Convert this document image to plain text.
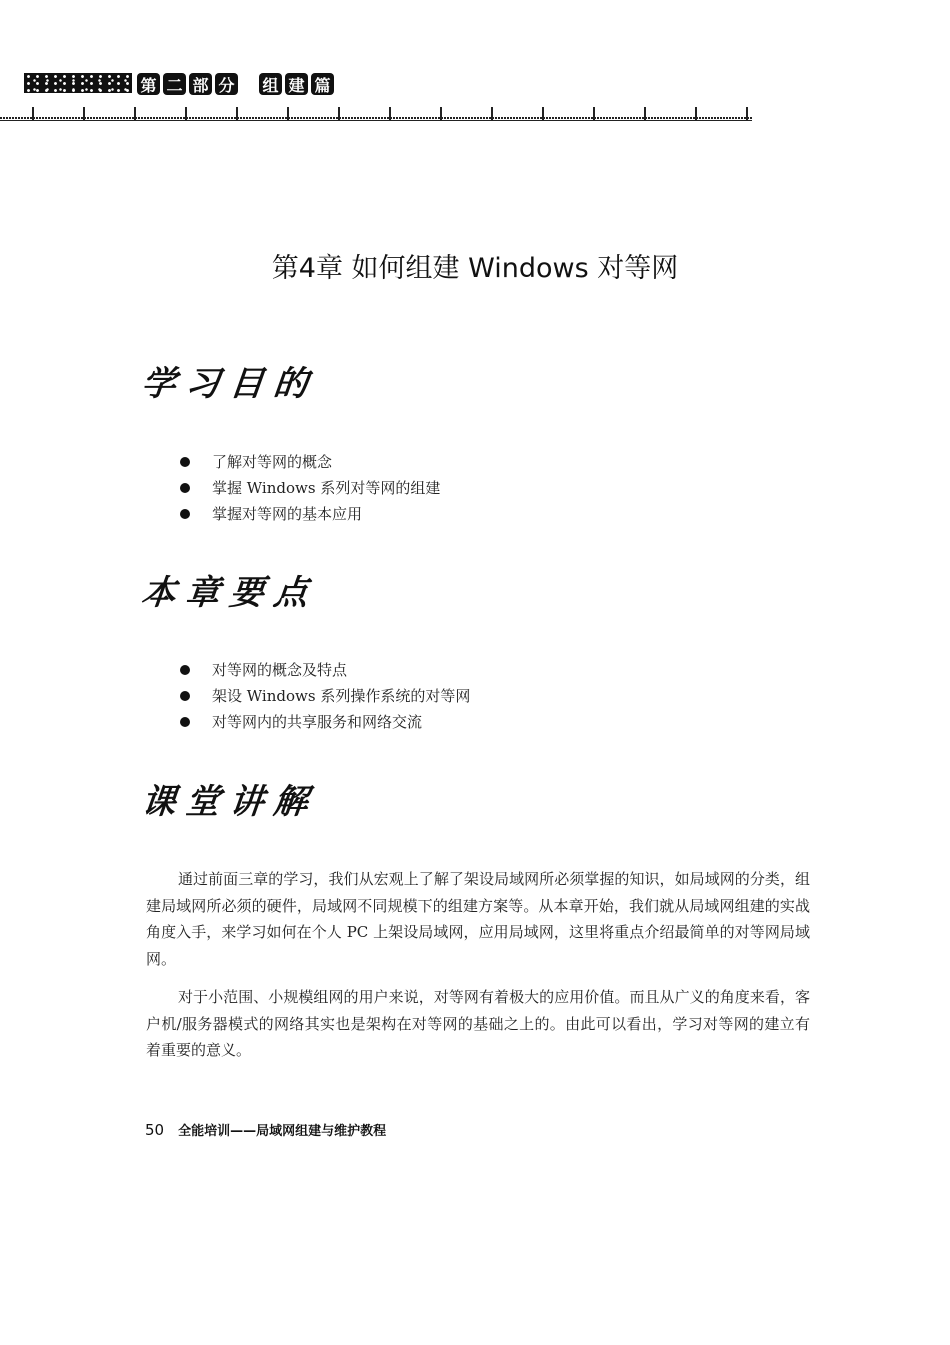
第 二 部 分 组 建 篇
第4章 如何组建 Windows 对等网
学习目的
了解对等网的概念
掌握 Windows 系列对等网的组建
掌握对等网的基本应用
本章要点
对等网的概念及特点
架设 Windows 系列操作系统的对等网
对等网内的共享服务和网络交流
课堂讲解

通过前面三章的学习，我们从宏观上了解了架设局域网所必须掌握的知识，如局域网的分类，组建局域网所必须的硬件，局域网不同规模下的组建方案等。从本章开始，我们就从局域网组建的实战角度入手，来学习如何在个人 PC 上架设局域网，应用局域网，这里将重点介绍最简单的对等网局域网。

对于小范围、小规模组网的用户来说，对等网有着极大的应用价值。而且从广义的角度来看，客户机/服务器模式的网络其实也是架构在对等网的基础之上的。由此可以看出，学习对等网的建立有着重要的意义。

50 全能培训——局域网组建与维护教程
